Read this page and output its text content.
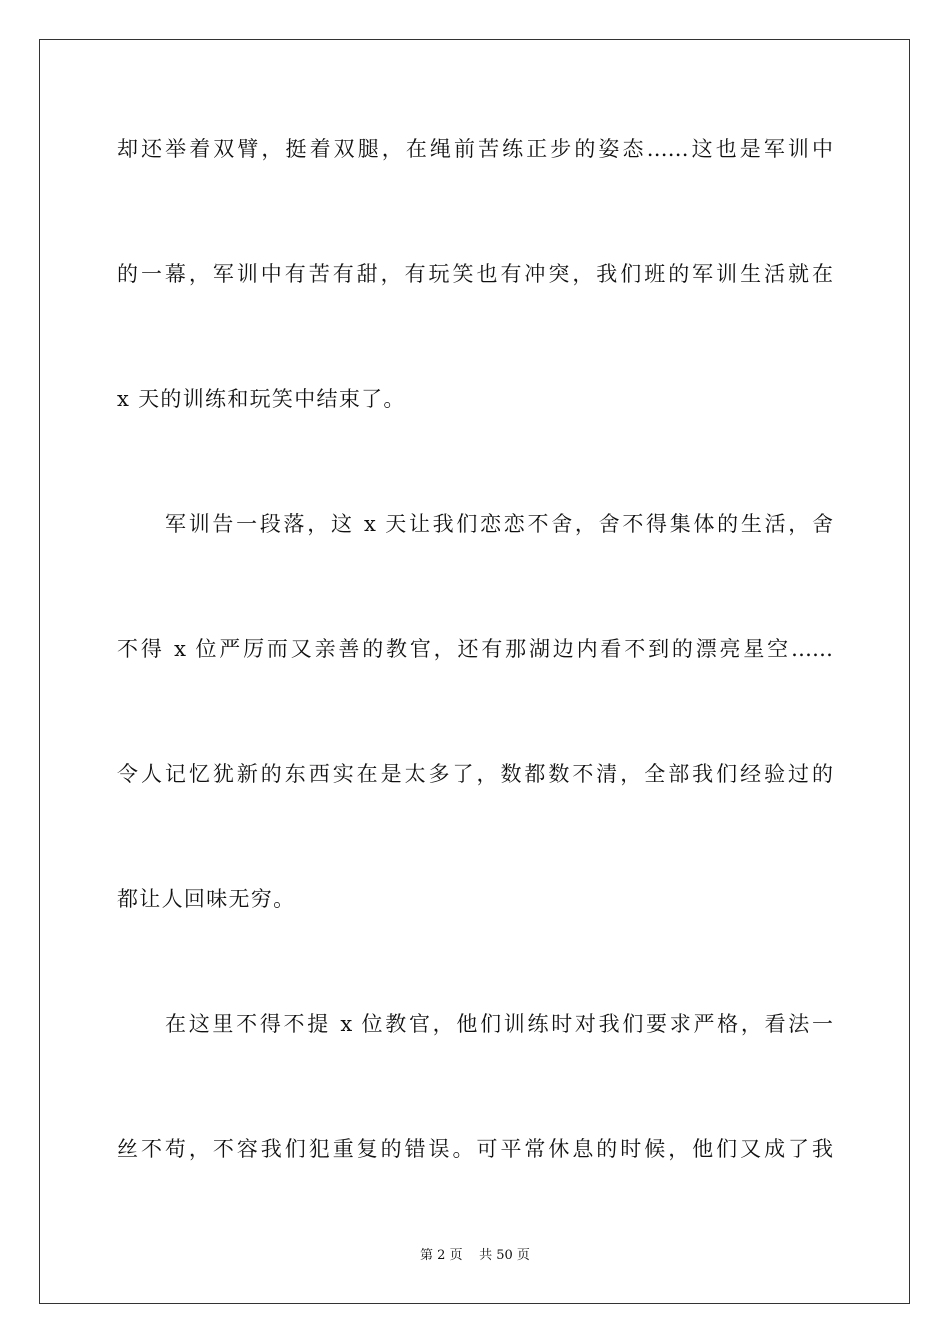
却还举着双臂，挺着双腿，在绳前苦练正步的姿态……这也是军训中
的一幕，军训中有苦有甜，有玩笑也有冲突，我们班的军训生活就在
x 天的训练和玩笑中结束了。
军训告一段落，这 x 天让我们恋恋不舍，舍不得集体的生活，舍
不得 x 位严厉而又亲善的教官，还有那湖边内看不到的漂亮星空……
令人记忆犹新的东西实在是太多了，数都数不清，全部我们经验过的
都让人回味无穷。
在这里不得不提 x 位教官，他们训练时对我们要求严格，看法一
丝不苟，不容我们犯重复的错误。可平常休息的时候，他们又成了我
第 2 页 共 50 页
